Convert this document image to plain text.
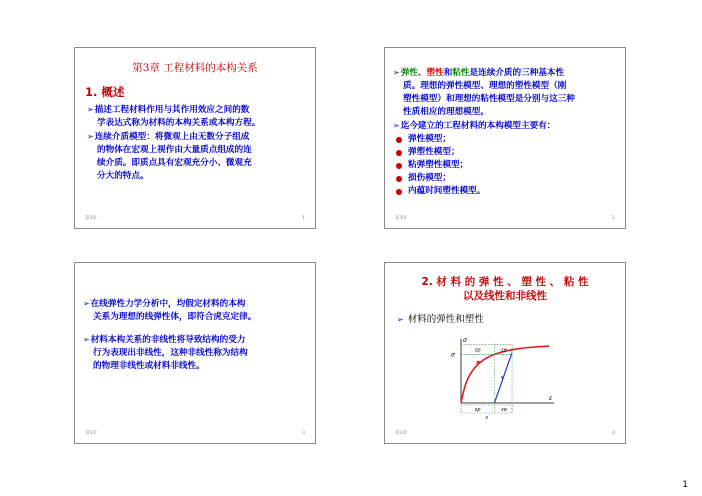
第3章 工程材料的本构关系
1. 概述
➢描述工程材料作用与其作用效应之间的数
学表达式称为材料的本构关系或本构方程。
➢连续介质模型：将微观上由无数分子组成
的物体在宏观上视作由大量质点组成的连
续介质。即质点具有宏观充分小、微观充
分大的特点。
第3章	1
➢弹性、塑性和粘性是连续介质的三种基本性
质。理想的弹性模型、理想的塑性模型（刚
塑性模型）和理想的粘性模型是分别与这三种
性质相应的理想模型。
➢迄今建立的工程材料的本构模型主要有：
弹性模型；
弹塑性模型；
粘弹塑性模型；
损伤模型；
内蕴时间塑性模型。
第3章	2
➢在线弹性力学分析中，均假定材料的本构
关系为理想的线弹性体，即符合虎克定律。
➢材料本构关系的非线性将导致结构的受力
行为表现出非线性，这种非线性称为结构
的物理非线性或材料非线性。
第3章	3
2. 材 料 的 弹 性 、 塑 性 、 粘 性
以及线性和非线性
➢ 材料的弹性和塑性
σ
σ
ε
εp	εe
εp	εe
ε
第3章	4
1
